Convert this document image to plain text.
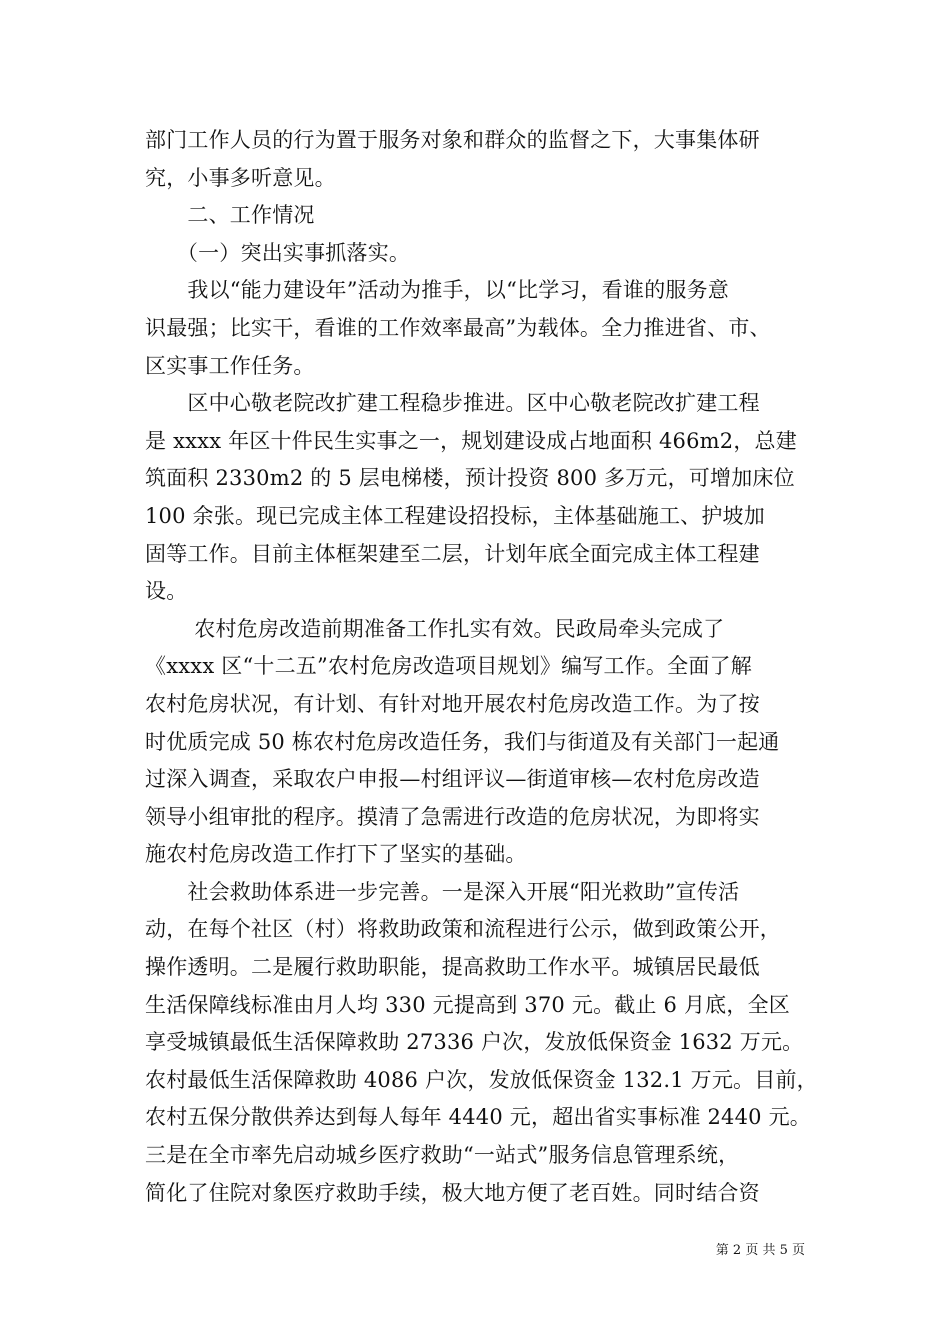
部门工作人员的行为置于服务对象和群众的监督之下，大事集体研
究，小事多听意见。
　　二、工作情况
　　（一）突出实事抓落实。
　　我以“能力建设年”活动为推手，以“比学习，看谁的服务意
识最强；比实干，看谁的工作效率最高”为载体。全力推进省、市、
区实事工作任务。
　　区中心敬老院改扩建工程稳步推进。区中心敬老院改扩建工程
是 xxxx 年区十件民生实事之一，规划建设成占地面积 466m2，总建
筑面积 2330m2 的 5 层电梯楼，预计投资 800 多万元，可增加床位
100 余张。现已完成主体工程建设招投标，主体基础施工、护坡加
固等工作。目前主体框架建至二层，计划年底全面完成主体工程建
设。
　　 农村危房改造前期准备工作扎实有效。民政局牵头完成了
《xxxx 区“十二五”农村危房改造项目规划》编写工作。全面了解
农村危房状况，有计划、有针对地开展农村危房改造工作。为了按
时优质完成 50 栋农村危房改造任务，我们与街道及有关部门一起通
过深入调查，采取农户申报—村组评议—街道审核—农村危房改造
领导小组审批的程序。摸清了急需进行改造的危房状况，为即将实
施农村危房改造工作打下了坚实的基础。
　　社会救助体系进一步完善。一是深入开展“阳光救助”宣传活
动，在每个社区（村）将救助政策和流程进行公示，做到政策公开，
操作透明。二是履行救助职能，提高救助工作水平。城镇居民最低
生活保障线标准由月人均 330 元提高到 370 元。截止 6 月底，全区
享受城镇最低生活保障救助 27336 户次，发放低保资金 1632 万元。
农村最低生活保障救助 4086 户次，发放低保资金 132.1 万元。目前，
农村五保分散供养达到每人每年 4440 元，超出省实事标准 2440 元。
三是在全市率先启动城乡医疗救助“一站式”服务信息管理系统，
简化了住院对象医疗救助手续，极大地方便了老百姓。同时结合资
第 2 页 共 5 页
